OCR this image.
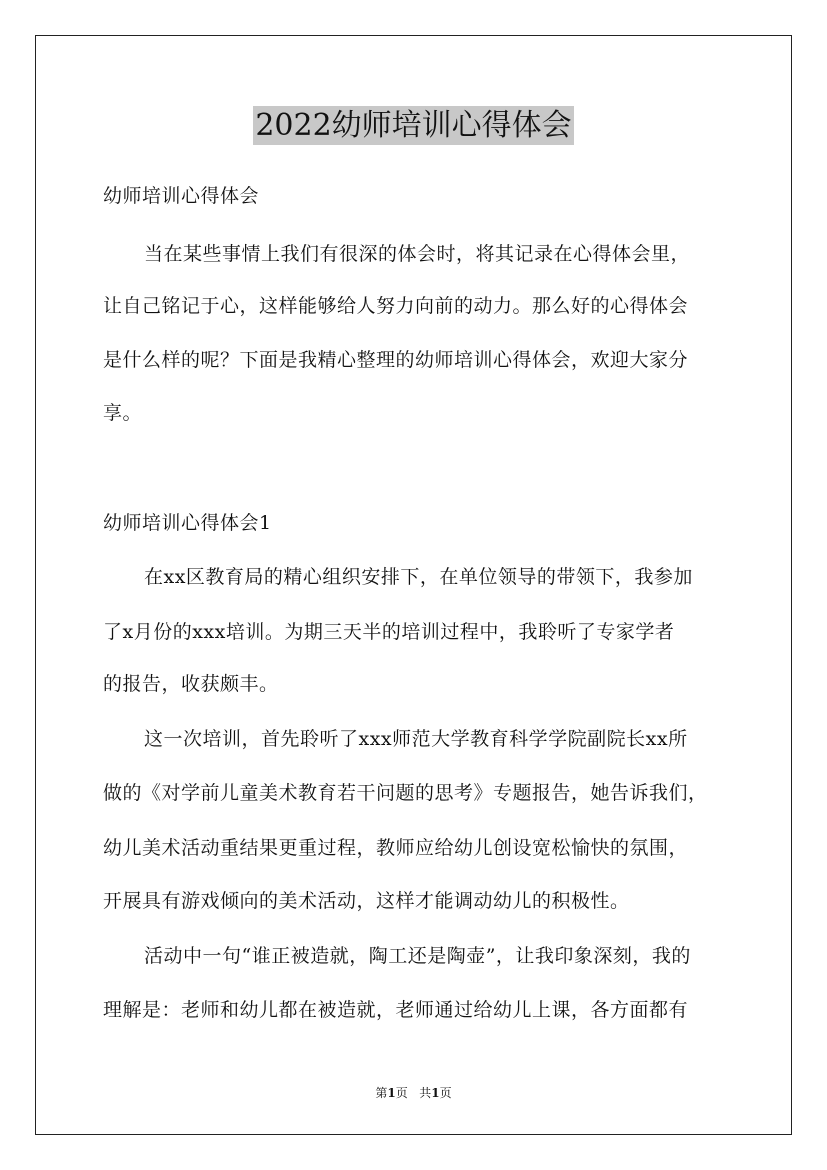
2022幼师培训心得体会
幼师培训心得体会
当在某些事情上我们有很深的体会时，将其记录在心得体会里，
让自己铭记于心，这样能够给人努力向前的动力。那么好的心得体会
是什么样的呢？下面是我精心整理的幼师培训心得体会，欢迎大家分
享。
幼师培训心得体会1
在xx区教育局的精心组织安排下，在单位领导的带领下，我参加
了x月份的xxx培训。为期三天半的培训过程中，我聆听了专家学者
的报告，收获颇丰。
这一次培训，首先聆听了xxx师范大学教育科学学院副院长xx所
做的《对学前儿童美术教育若干问题的思考》专题报告，她告诉我们，
幼儿美术活动重结果更重过程，教师应给幼儿创设宽松愉快的氛围，
开展具有游戏倾向的美术活动，这样才能调动幼儿的积极性。
活动中一句“谁正被造就，陶工还是陶壶”，让我印象深刻，我的
理解是：老师和幼儿都在被造就，老师通过给幼儿上课，各方面都有
第1页 共1页
